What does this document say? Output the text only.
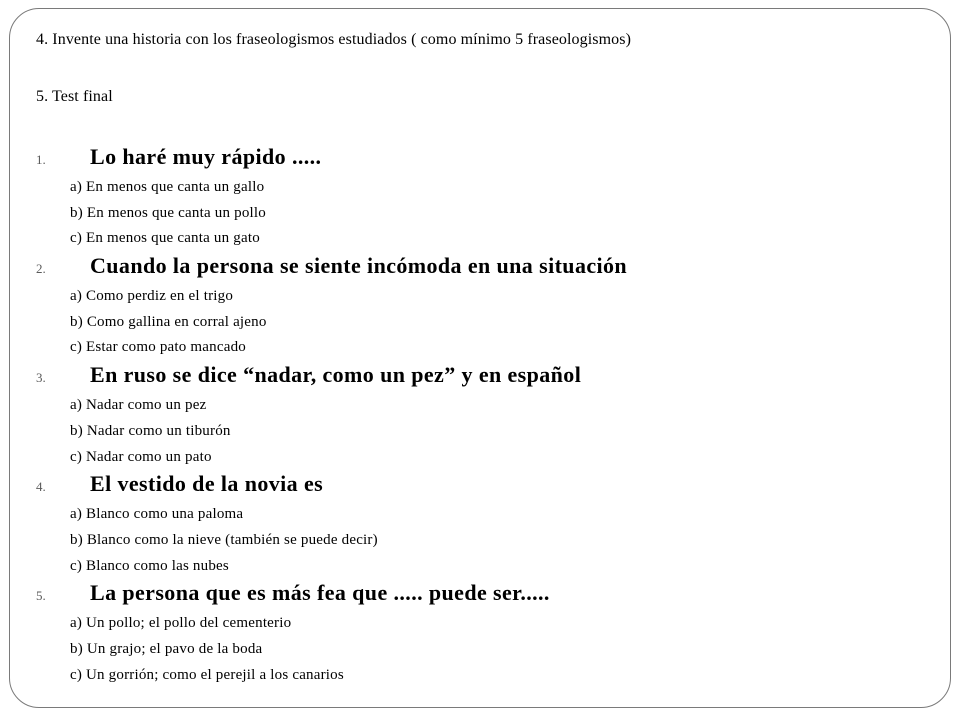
4. Invente una historia con los fraseologismos estudiados ( como mínimo 5 fraseologismos)
5. Test final
1.	Lo haré muy rápido .....
a) En menos que canta un gallo
b) En menos que canta un pollo
c) En menos que canta un gato
2.	Cuando la persona se siente incómoda en una situación
a) Como perdiz en el trigo
b) Como gallina en corral ajeno
c) Estar como pato mancado
3.	En ruso se dice “nadar, como un pez” y en español
a) Nadar como un pez
b) Nadar como un tiburón
c) Nadar como un pato
4.	El vestido de la novia es
a) Blanco como una paloma
b) Blanco como la nieve (también se puede decir)
c) Blanco como las nubes
5.	La persona que es más fea que ..... puede ser.....
a) Un pollo; el pollo del cementerio
b) Un grajo; el pavo de la boda
c) Un gorrión; como el perejil a los canarios
